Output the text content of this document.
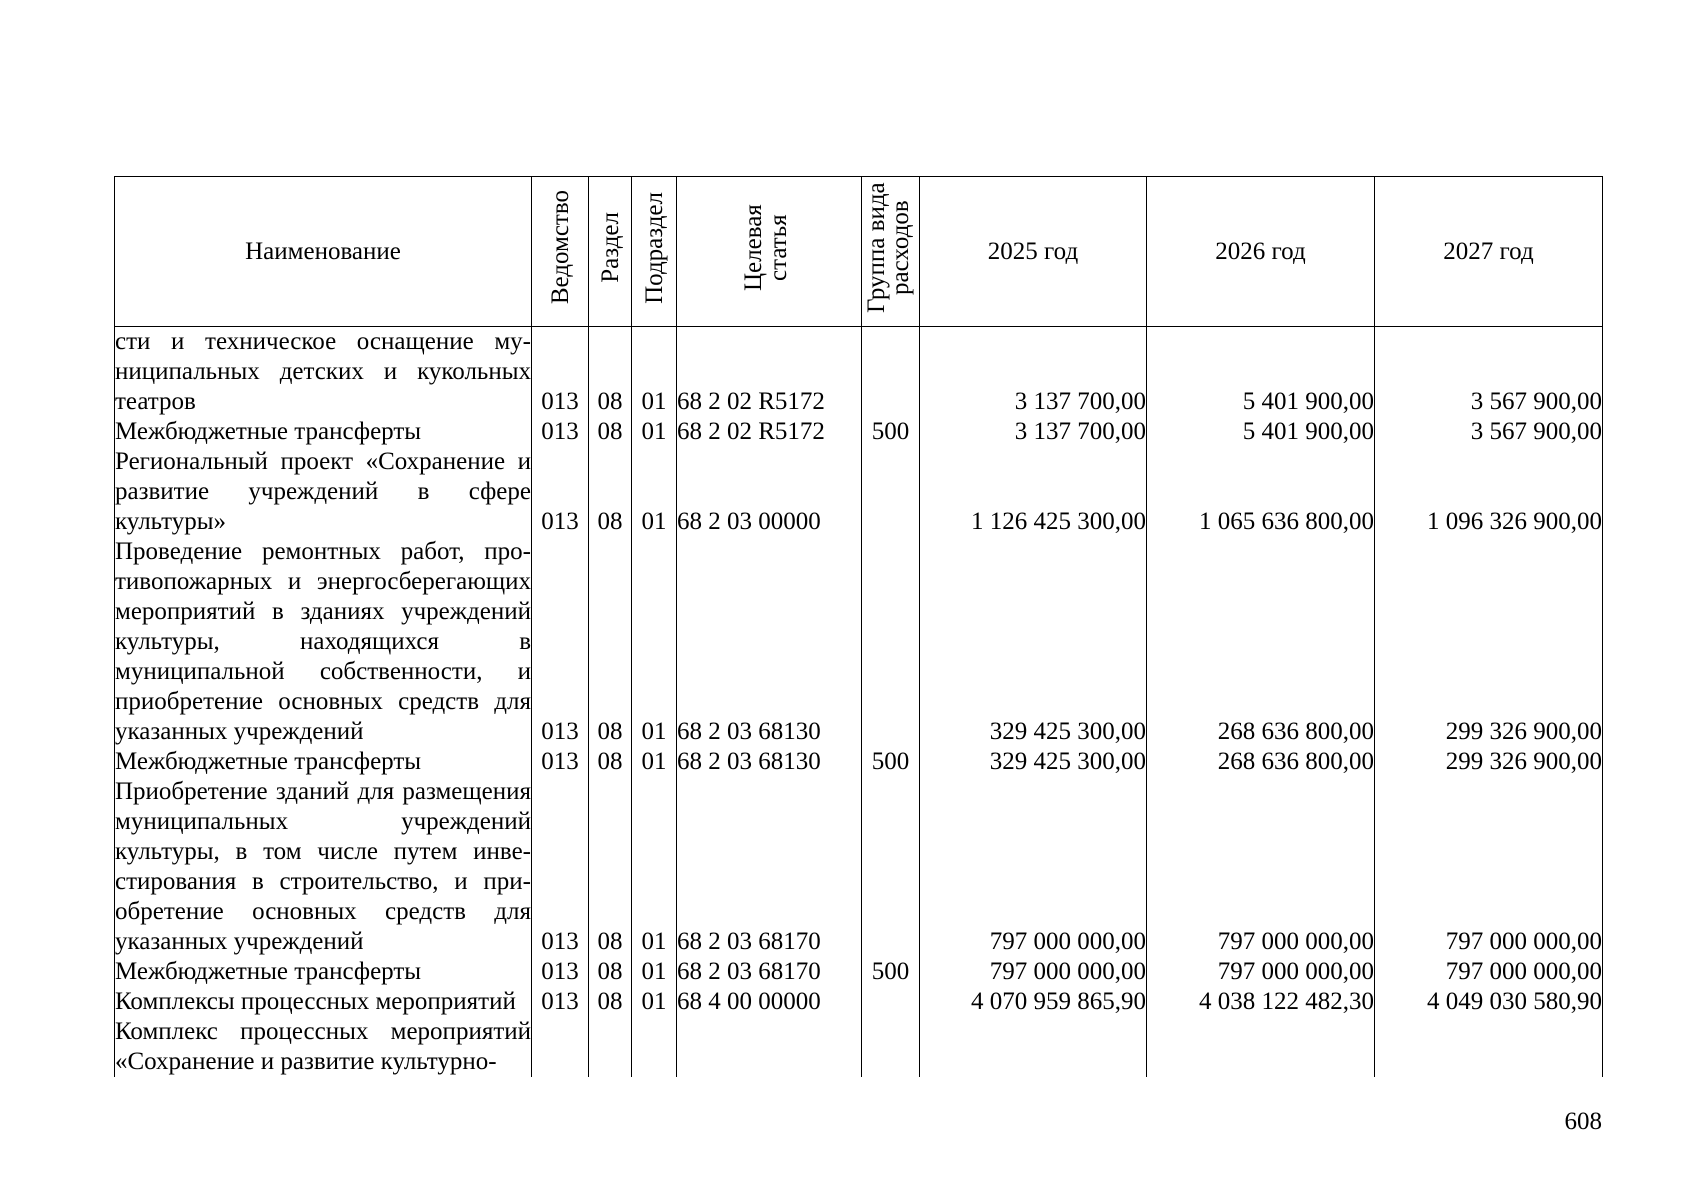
Наименование	Ведомство	Раздел	Подраздел	Целевая статья	Группа вида расходов	2025 год	2026 год	2027 год
сти и техническое оснащение муниципальных детских и кукольных театров	013	08	01	68 2 02 R5172		3 137 700,00	5 401 900,00	3 567 900,00
Межбюджетные трансферты	013	08	01	68 2 02 R5172	500	3 137 700,00	5 401 900,00	3 567 900,00
Региональный проект «Сохранение и развитие учреждений в сфере культуры»	013	08	01	68 2 03 00000		1 126 425 300,00	1 065 636 800,00	1 096 326 900,00
Проведение ремонтных работ, противопожарных и энергосберегающих мероприятий в зданиях учреждений культуры, находящихся в муниципальной собственности, и приобретение основных средств для указанных учреждений	013	08	01	68 2 03 68130		329 425 300,00	268 636 800,00	299 326 900,00
Межбюджетные трансферты	013	08	01	68 2 03 68130	500	329 425 300,00	268 636 800,00	299 326 900,00
Приобретение зданий для размещения муниципальных учреждений культуры, в том числе путем инвестирования в строительство, и приобретение основных средств для указанных учреждений	013	08	01	68 2 03 68170		797 000 000,00	797 000 000,00	797 000 000,00
Межбюджетные трансферты	013	08	01	68 2 03 68170	500	797 000 000,00	797 000 000,00	797 000 000,00
Комплексы процессных мероприятий	013	08	01	68 4 00 00000		4 070 959 865,90	4 038 122 482,30	4 049 030 580,90
Комплекс процессных мероприятий «Сохранение и развитие культурно-								
608
